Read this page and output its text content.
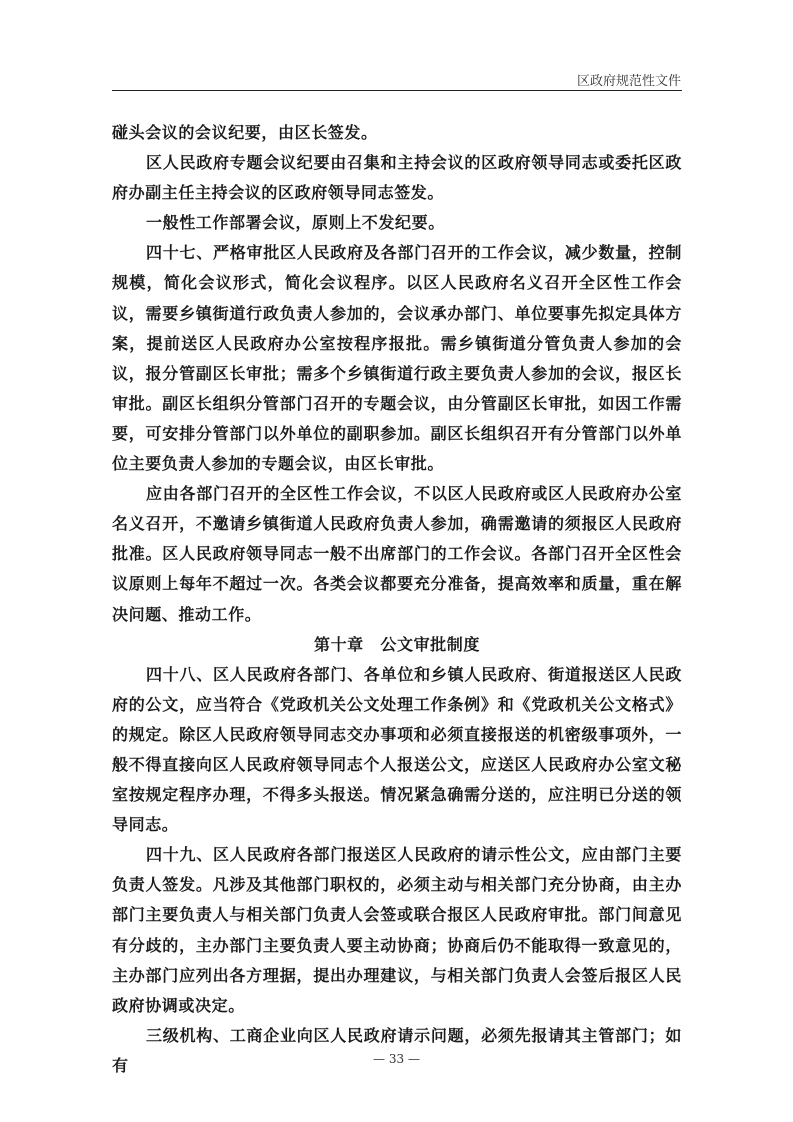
区政府规范性文件

碰头会议的会议纪要，由区长签发。

区人民政府专题会议纪要由召集和主持会议的区政府领导同志或委托区政府办副主任主持会议的区政府领导同志签发。

一般性工作部署会议，原则上不发纪要。

四十七、严格审批区人民政府及各部门召开的工作会议，减少数量，控制规模，简化会议形式，简化会议程序。以区人民政府名义召开全区性工作会议，需要乡镇街道行政负责人参加的，会议承办部门、单位要事先拟定具体方案，提前送区人民政府办公室按程序报批。需乡镇街道分管负责人参加的会议，报分管副区长审批；需多个乡镇街道行政主要负责人参加的会议，报区长审批。副区长组织分管部门召开的专题会议，由分管副区长审批，如因工作需要，可安排分管部门以外单位的副职参加。副区长组织召开有分管部门以外单位主要负责人参加的专题会议，由区长审批。

应由各部门召开的全区性工作会议，不以区人民政府或区人民政府办公室名义召开，不邀请乡镇街道人民政府负责人参加，确需邀请的须报区人民政府批准。区人民政府领导同志一般不出席部门的工作会议。各部门召开全区性会议原则上每年不超过一次。各类会议都要充分准备，提高效率和质量，重在解决问题、推动工作。

第十章　公文审批制度

四十八、区人民政府各部门、各单位和乡镇人民政府、街道报送区人民政府的公文，应当符合《党政机关公文处理工作条例》和《党政机关公文格式》的规定。除区人民政府领导同志交办事项和必须直接报送的机密级事项外，一般不得直接向区人民政府领导同志个人报送公文，应送区人民政府办公室文秘室按规定程序办理，不得多头报送。情况紧急确需分送的，应注明已分送的领导同志。

四十九、区人民政府各部门报送区人民政府的请示性公文，应由部门主要负责人签发。凡涉及其他部门职权的，必须主动与相关部门充分协商，由主办部门主要负责人与相关部门负责人会签或联合报区人民政府审批。部门间意见有分歧的，主办部门主要负责人要主动协商；协商后仍不能取得一致意见的，主办部门应列出各方理据，提出办理建议，与相关部门负责人会签后报区人民政府协调或决定。

三级机构、工商企业向区人民政府请示问题，必须先报请其主管部门；如有	— 33 —
